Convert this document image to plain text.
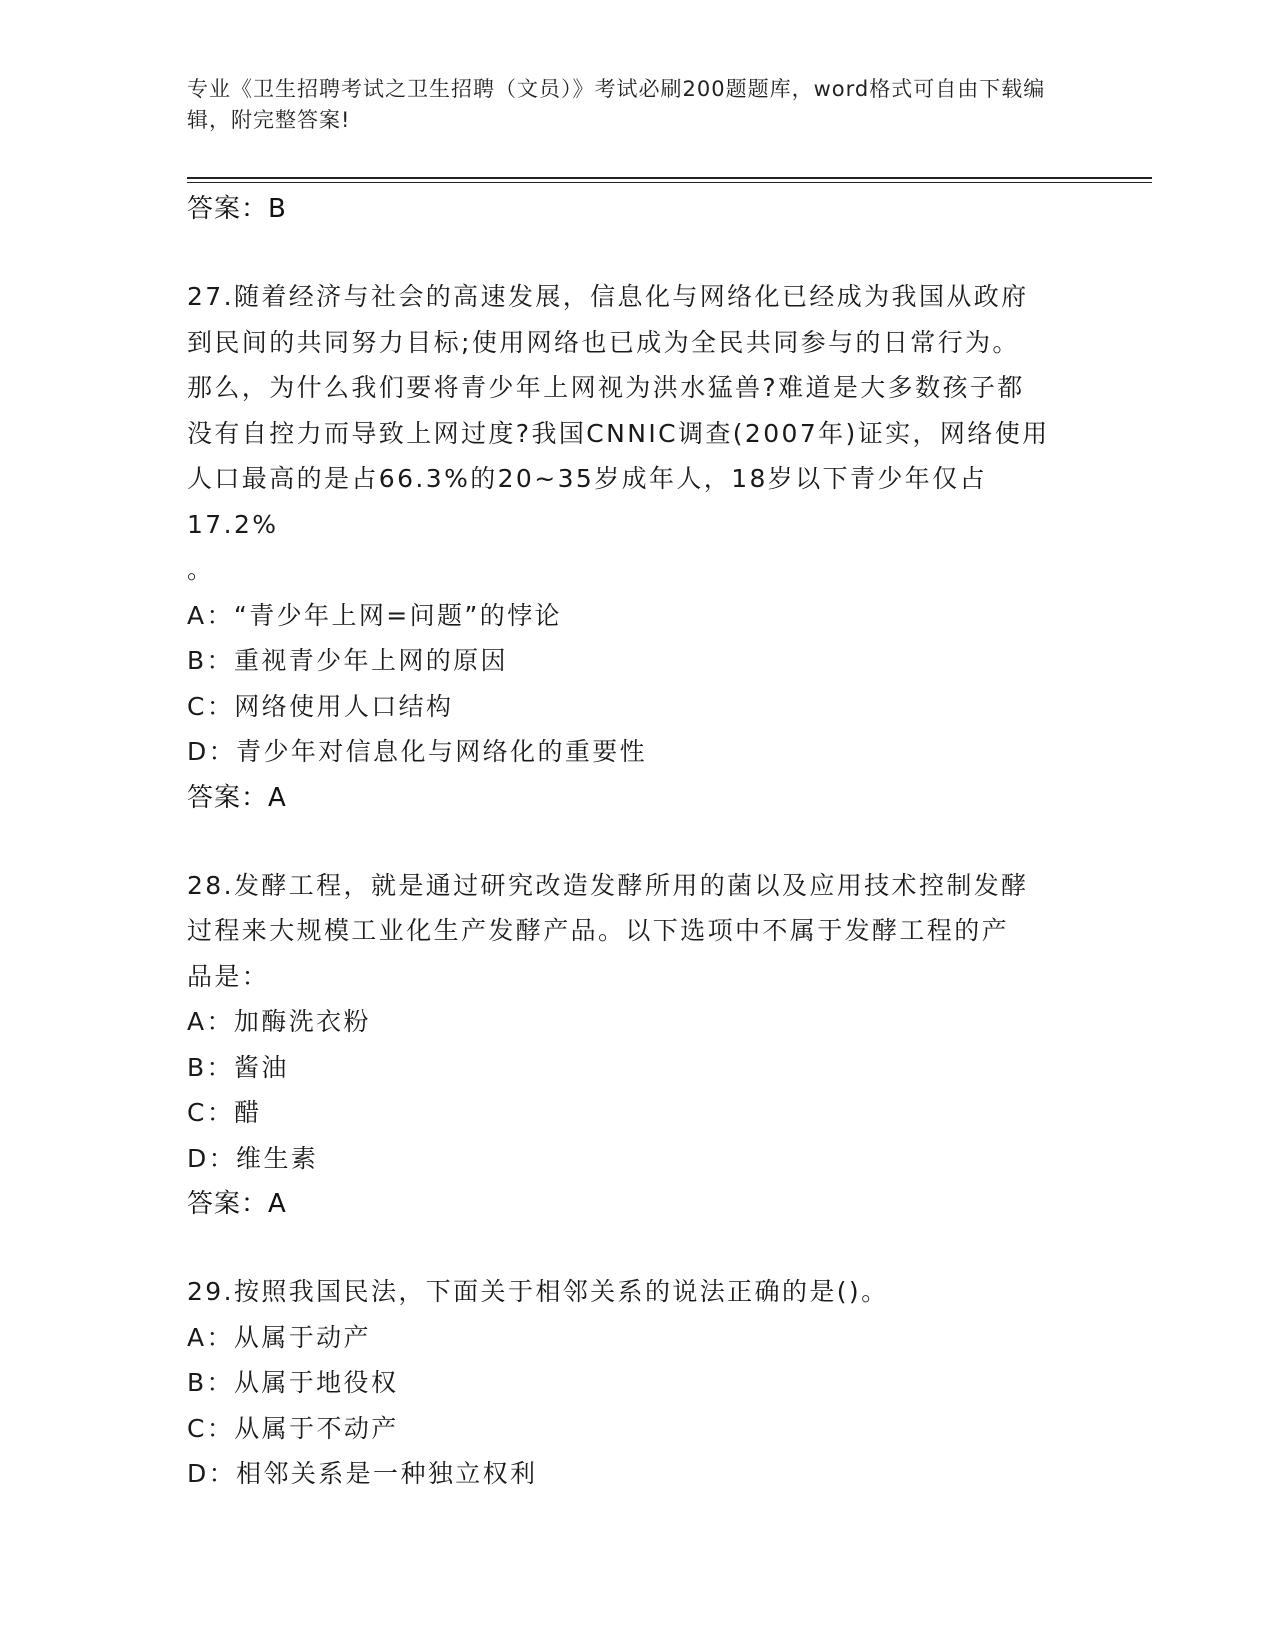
专业《卫生招聘考试之卫生招聘（文员）》考试必刷200题题库，word格式可自由下载编辑，附完整答案!
答案：B
27.随着经济与社会的高速发展，信息化与网络化已经成为我国从政府
到民间的共同努力目标;使用网络也已成为全民共同参与的日常行为。
那么，为什么我们要将青少年上网视为洪水猛兽?难道是大多数孩子都
没有自控力而导致上网过度?我国CNNIC调查(2007年)证实，网络使用
人口最高的是占66.3%的20~35岁成年人，18岁以下青少年仅占17.2%
。
A：“青少年上网=问题”的悖论
B：重视青少年上网的原因
C：网络使用人口结构
D：青少年对信息化与网络化的重要性
答案：A
28.发酵工程，就是通过研究改造发酵所用的菌以及应用技术控制发酵
过程来大规模工业化生产发酵产品。以下选项中不属于发酵工程的产
品是：
A：加酶洗衣粉
B：酱油
C：醋
D：维生素
答案：A
29.按照我国民法，下面关于相邻关系的说法正确的是()。
A：从属于动产
B：从属于地役权
C：从属于不动产
D：相邻关系是一种独立权利
